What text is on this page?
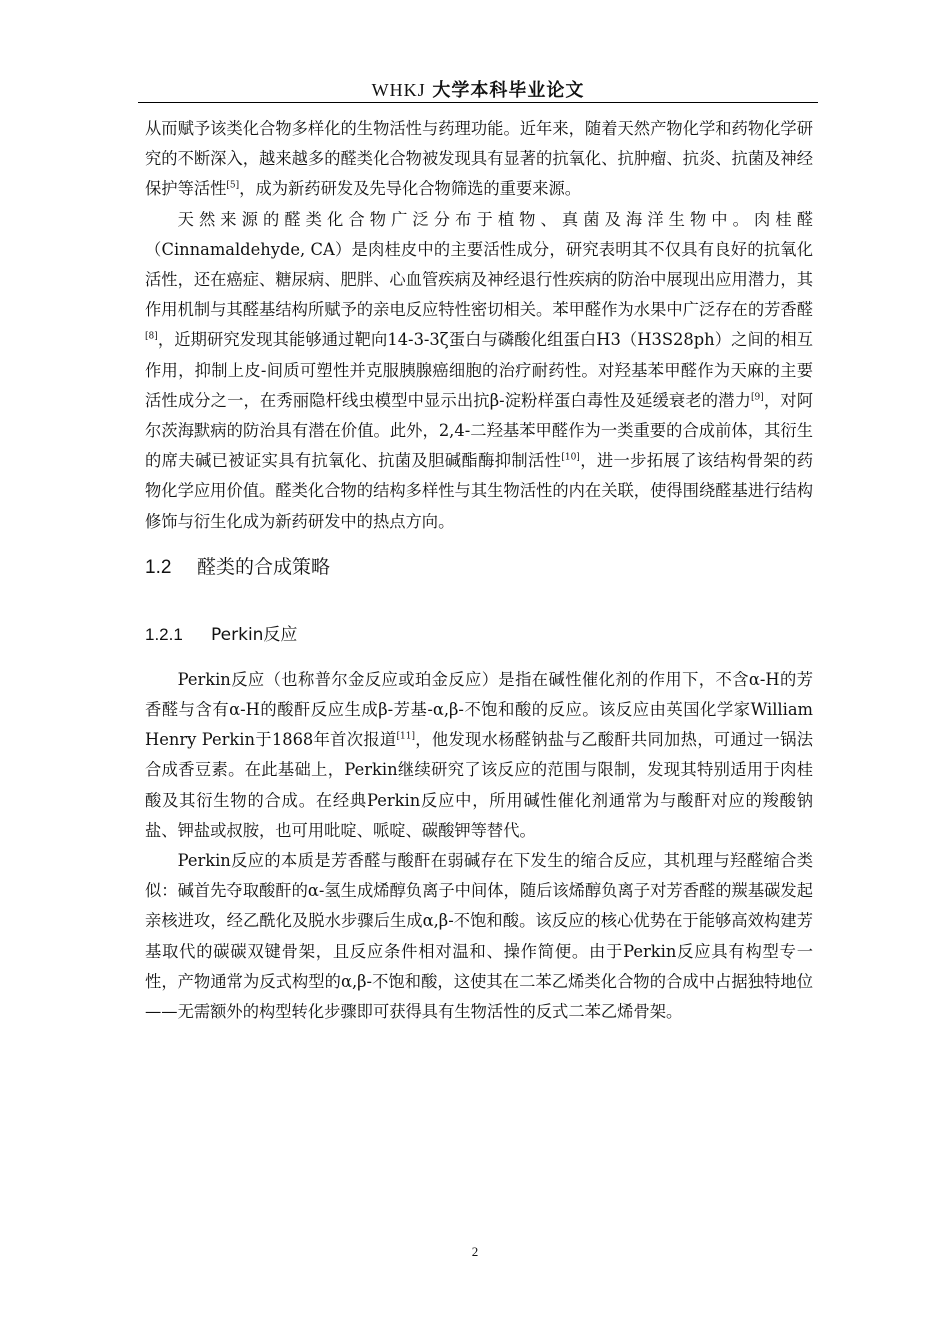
WHKJ 大学本科毕业论文

从而赋予该类化合物多样化的生物活性与药理功能。近年来，随着天然产物化学和药物化学研究的不断深入，越来越多的醛类化合物被发现具有显著的抗氧化、抗肿瘤、抗炎、抗菌及神经保护等活性[5]，成为新药研发及先导化合物筛选的重要来源。

天然来源的醛类化合物广泛分布于植物、真菌及海洋生物中。肉桂醛（Cinnamaldehyde, CA）是肉桂皮中的主要活性成分，研究表明其不仅具有良好的抗氧化活性，还在癌症、糖尿病、肥胖、心血管疾病及神经退行性疾病的防治中展现出应用潜力，其作用机制与其醛基结构所赋予的亲电反应特性密切相关。苯甲醛作为水果中广泛存在的芳香醛[8]，近期研究发现其能够通过靶向14-3-3ζ蛋白与磷酸化组蛋白H3（H3S28ph）之间的相互作用，抑制上皮-间质可塑性并克服胰腺癌细胞的治疗耐药性。对羟基苯甲醛作为天麻的主要活性成分之一，在秀丽隐杆线虫模型中显示出抗β-淀粉样蛋白毒性及延缓衰老的潜力[9]，对阿尔茨海默病的防治具有潜在价值。此外，2,4-二羟基苯甲醛作为一类重要的合成前体，其衍生的席夫碱已被证实具有抗氧化、抗菌及胆碱酯酶抑制活性[10]，进一步拓展了该结构骨架的药物化学应用价值。醛类化合物的结构多样性与其生物活性的内在关联，使得围绕醛基进行结构修饰与衍生化成为新药研发中的热点方向。

1.2 醛类的合成策略
1.2.1 Perkin反应

Perkin反应（也称普尔金反应或珀金反应）是指在碱性催化剂的作用下，不含α-H的芳香醛与含有α-H的酸酐反应生成β-芳基-α,β-不饱和酸的反应。该反应由英国化学家William Henry Perkin于1868年首次报道[11]，他发现水杨醛钠盐与乙酸酐共同加热，可通过一锅法合成香豆素。在此基础上，Perkin继续研究了该反应的范围与限制，发现其特别适用于肉桂酸及其衍生物的合成。在经典Perkin反应中，所用碱性催化剂通常为与酸酐对应的羧酸钠盐、钾盐或叔胺，也可用吡啶、哌啶、碳酸钾等替代。

Perkin反应的本质是芳香醛与酸酐在弱碱存在下发生的缩合反应，其机理与羟醛缩合类似：碱首先夺取酸酐的α-氢生成烯醇负离子中间体，随后该烯醇负离子对芳香醛的羰基碳发起亲核进攻，经乙酰化及脱水步骤后生成α,β-不饱和酸。该反应的核心优势在于能够高效构建芳基取代的碳碳双键骨架，且反应条件相对温和、操作简便。由于Perkin反应具有构型专一性，产物通常为反式构型的α,β-不饱和酸，这使其在二苯乙烯类化合物的合成中占据独特地位——无需额外的构型转化步骤即可获得具有生物活性的反式二苯乙烯骨架。

2
